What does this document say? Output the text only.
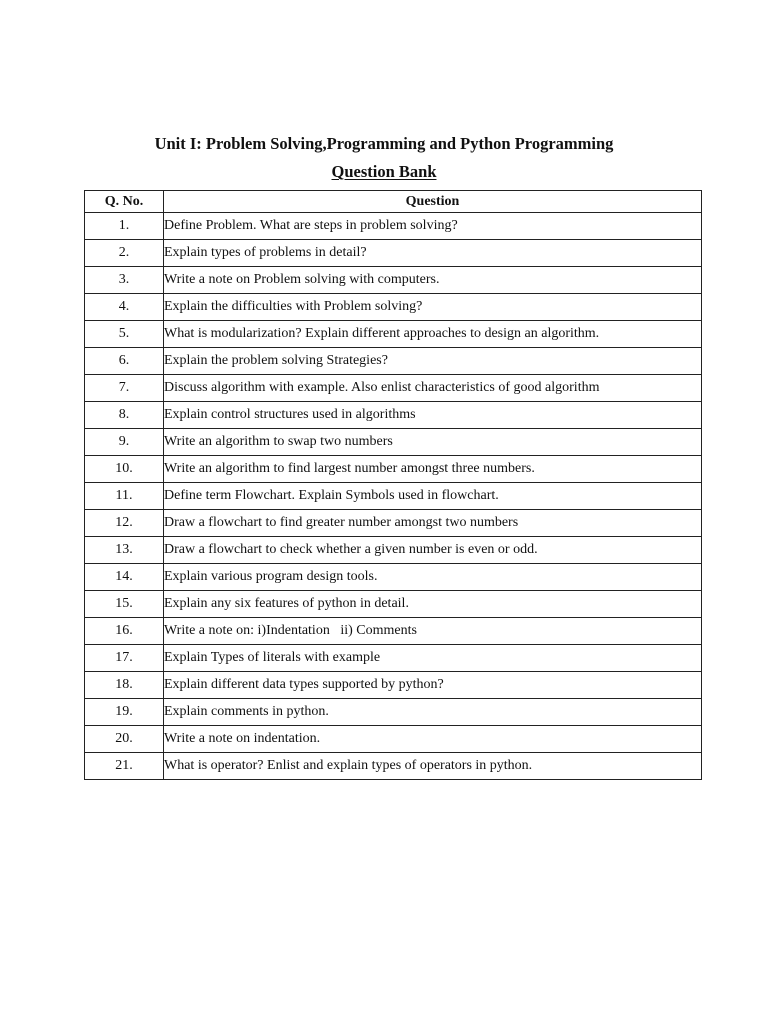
Unit I: Problem Solving,Programming and Python Programming
Question Bank
Q. No.	Question
1.	Define Problem. What are steps in problem solving?
2.	Explain types of problems in detail?
3.	Write a note on Problem solving with computers.
4.	Explain the difficulties with Problem solving?
5.	What is modularization? Explain different approaches to design an algorithm.
6.	Explain the problem solving Strategies?
7.	Discuss algorithm with example. Also enlist characteristics of good algorithm
8.	Explain control structures used in algorithms
9.	Write an algorithm to swap two numbers
10.	Write an algorithm to find largest number amongst three numbers.
11.	Define term Flowchart. Explain Symbols used in flowchart.
12.	Draw a flowchart to find greater number amongst two numbers
13.	Draw a flowchart to check whether a given number is even or odd.
14.	Explain various program design tools.
15.	Explain any six features of python in detail.
16.	Write a note on: i)Indentation   ii) Comments
17.	Explain Types of literals with example
18.	Explain different data types supported by python?
19.	Explain comments in python.
20.	Write a note on indentation.
21.	What is operator? Enlist and explain types of operators in python.
